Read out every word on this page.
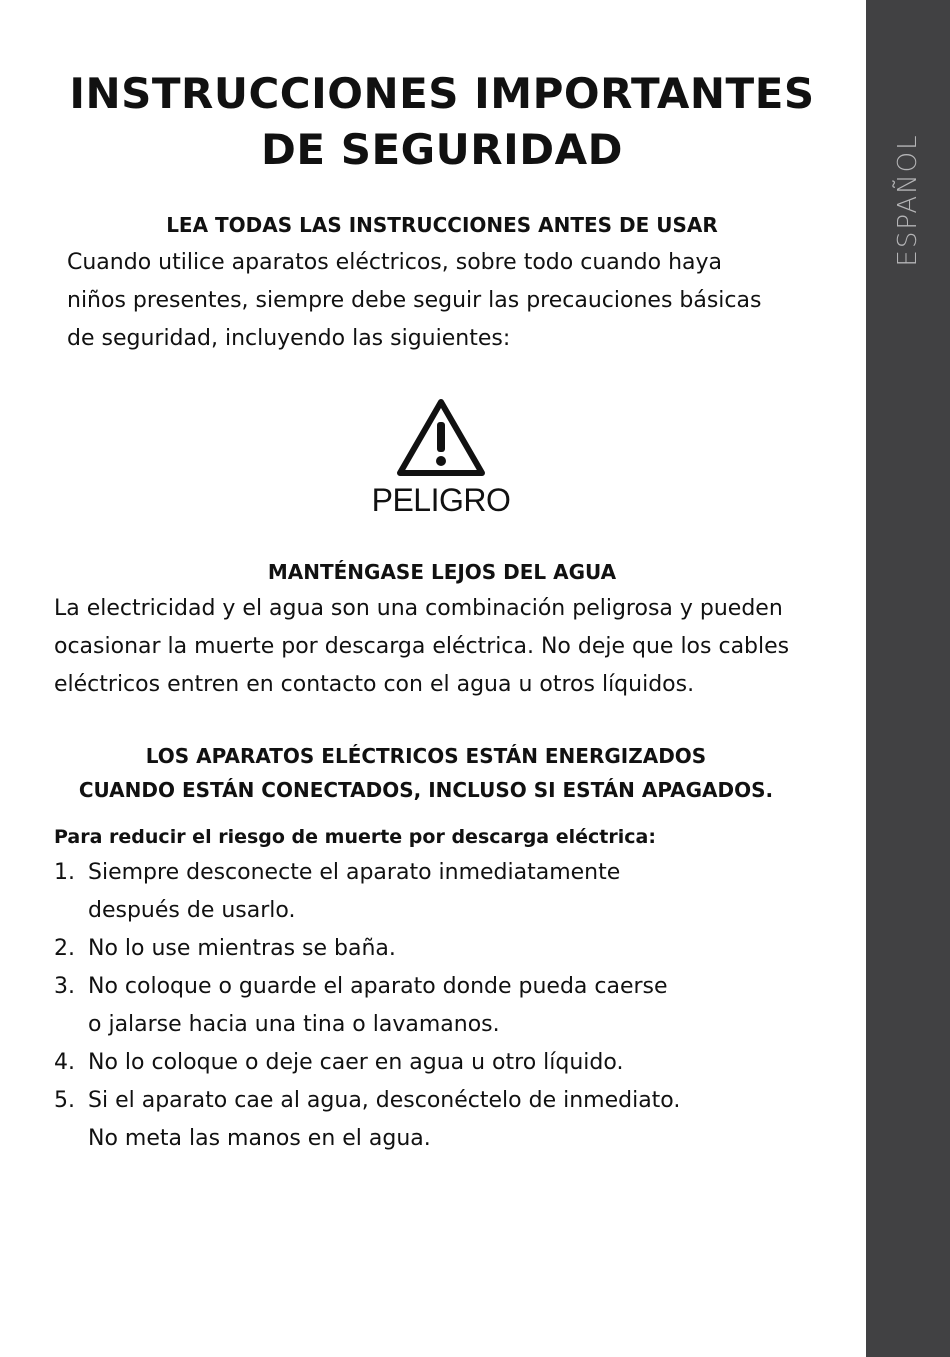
INSTRUCCIONES IMPORTANTES
DE SEGURIDAD
LEA TODAS LAS INSTRUCCIONES ANTES DE USAR

Cuando utilice aparatos eléctricos, sobre todo cuando haya
niños presentes, siempre debe seguir las precauciones básicas
de seguridad, incluyendo las siguientes:

PELIGRO
MANTÉNGASE LEJOS DEL AGUA

La electricidad y el agua son una combinación peligrosa y pueden
ocasionar la muerte por descarga eléctrica. No deje que los cables
eléctricos entren en contacto con el agua u otros líquidos.

LOS APARATOS ELÉCTRICOS ESTÁN ENERGIZADOS
CUANDO ESTÁN CONECTADOS, INCLUSO SI ESTÁN APAGADOS.
Para reducir el riesgo de muerte por descarga eléctrica:
1. Siempre desconecte el aparato inmediatamente
después de usarlo.
2. No lo use mientras se baña.
3. No coloque o guarde el aparato donde pueda caerse
o jalarse hacia una tina o lavamanos.
4. No lo coloque o deje caer en agua u otro líquido.
5. Si el aparato cae al agua, desconéctelo de inmediato.
No meta las manos en el agua.
ESPAÑOL
